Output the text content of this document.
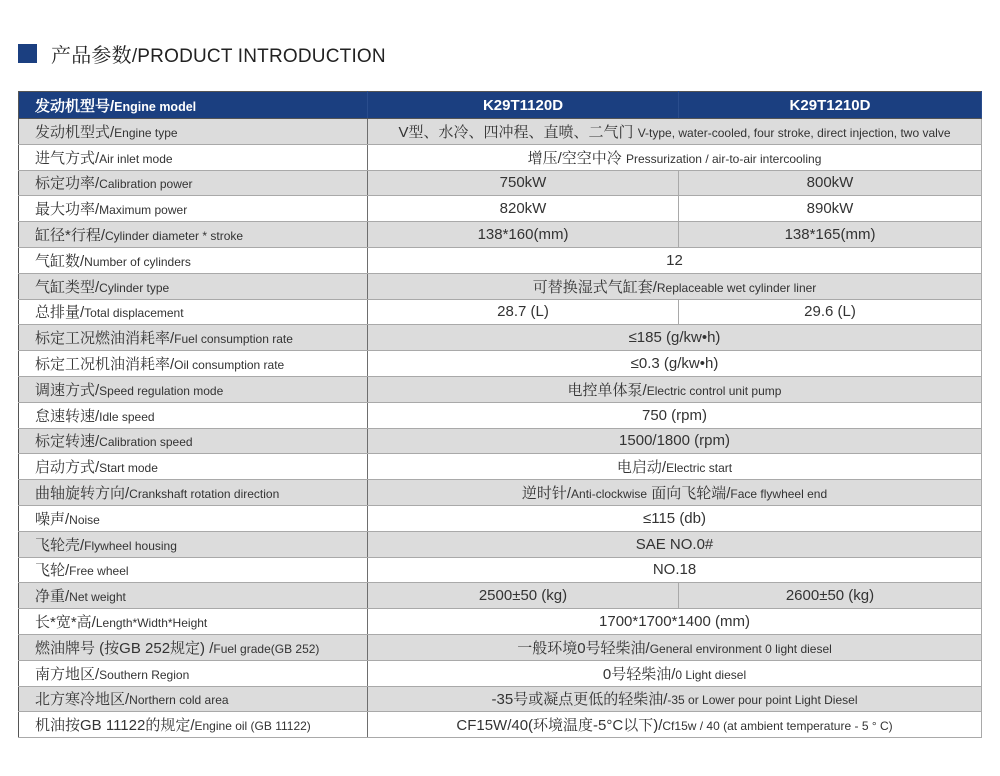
产品参数/PRODUCT INTRODUCTION
发动机型号/Engine model	K29T1120D	K29T1210D
发动机型式/Engine type	V型、水冷、四冲程、直喷、二气门 V-type, water-cooled, four stroke, direct injection, two valve	
进气方式/Air inlet mode	增压/空空中冷 Pressurization / air-to-air intercooling	
标定功率/Calibration power	750kW	800kW
最大功率/Maximum power	820kW	890kW
缸径*行程/Cylinder diameter * stroke	138*160(mm)	138*165(mm)
气缸数/Number of cylinders	12	
气缸类型/Cylinder type	可替换湿式气缸套/Replaceable wet cylinder liner	
总排量/Total displacement	28.7 (L)	29.6 (L)
标定工况燃油消耗率/Fuel consumption rate	≤185 (g/kw•h)	
标定工况机油消耗率/Oil consumption rate	≤0.3 (g/kw•h)	
调速方式/Speed regulation mode	电控单体泵/Electric control unit pump	
怠速转速/Idle speed	750 (rpm)	
标定转速/Calibration speed	1500/1800 (rpm)	
启动方式/Start mode	电启动/Electric start	
曲轴旋转方向/Crankshaft rotation direction	逆时针/Anti-clockwise 面向飞轮端/Face flywheel end	
噪声/Noise	≤115 (db)	
飞轮壳/Flywheel housing	SAE NO.0#	
飞轮/Free wheel	NO.18	
净重/Net weight	2500±50 (kg)	2600±50 (kg)
长*宽*高/Length*Width*Height	1700*1700*1400 (mm)	
燃油牌号 (按GB 252规定) /Fuel grade(GB 252)	一般环境0号轻柴油/General environment 0 light diesel	
南方地区/Southern Region	0号轻柴油/0 Light diesel	
北方寒冷地区/Northern cold area	-35号或凝点更低的轻柴油/-35 or Lower pour point Light Diesel	
机油按GB 11122的规定/Engine oil (GB 11122)	CF15W/40(环境温度-5°C以下)/Cf15w / 40 (at ambient temperature - 5 ° C)	
